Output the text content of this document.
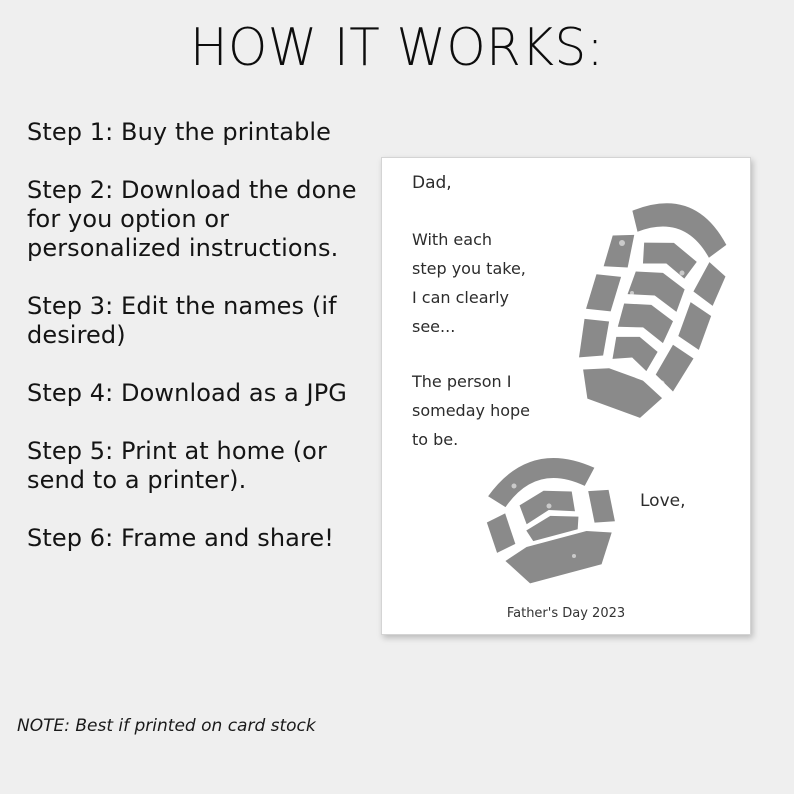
HOW IT WORKS:
Step 1: Buy the printable
Step 2: Download the done for you option or personalized instructions.
Step 3: Edit the names (if desired)
Step 4: Download as a JPG
Step 5: Print at home (or send to a printer).
Step 6: Frame and share!
NOTE: Best if printed on card stock
Dad,
With each
step you take,
I can clearly
see...
The person I
someday hope
to be.
Love,
Father's Day 2023
